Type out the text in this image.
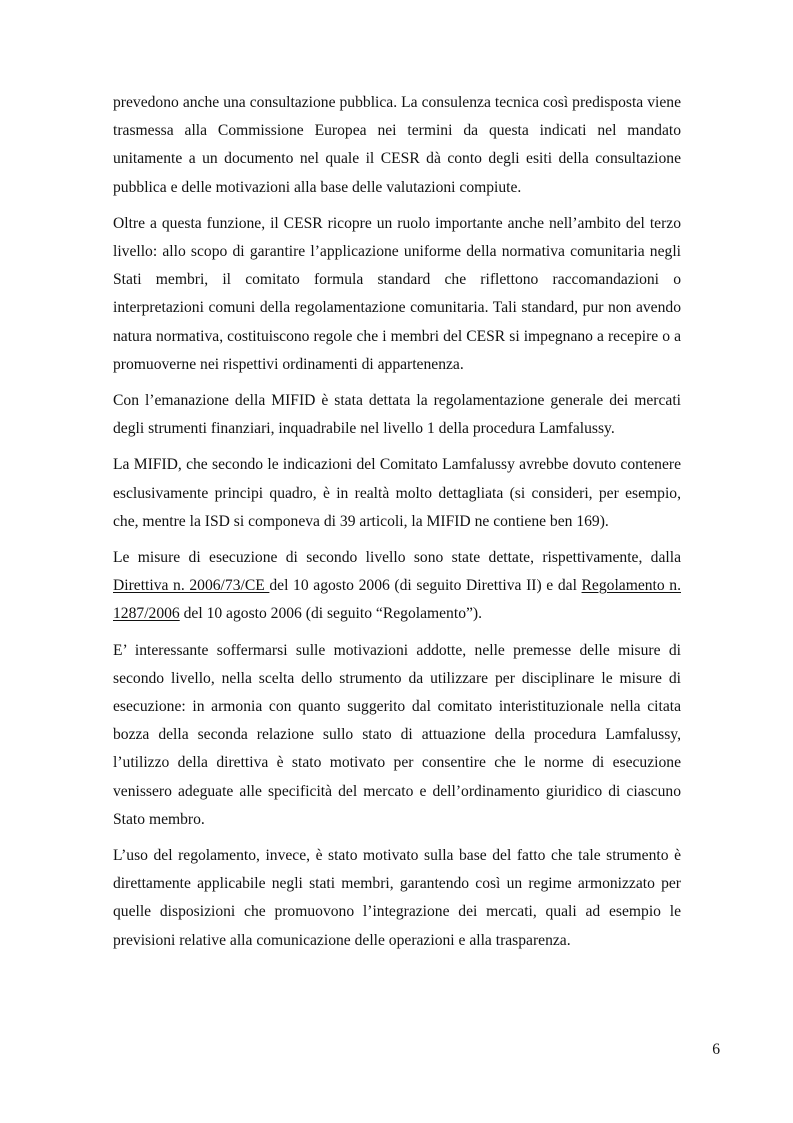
prevedono anche una consultazione pubblica. La consulenza tecnica così predisposta viene trasmessa alla Commissione Europea nei termini da questa indicati nel mandato unitamente a un documento nel quale il CESR dà conto degli esiti della consultazione pubblica e delle motivazioni alla base delle valutazioni compiute.

Oltre a questa funzione, il CESR ricopre un ruolo importante anche nell’ambito del terzo livello: allo scopo di garantire l’applicazione uniforme della normativa comunitaria negli Stati membri, il comitato formula standard che riflettono raccomandazioni o interpretazioni comuni della regolamentazione comunitaria. Tali standard, pur non avendo natura normativa, costituiscono regole che i membri del CESR si impegnano a recepire o a promuoverne nei rispettivi ordinamenti di appartenenza.

Con l’emanazione della MIFID è stata dettata la regolamentazione generale dei mercati degli strumenti finanziari, inquadrabile nel livello 1 della procedura Lamfalussy.

La MIFID, che secondo le indicazioni del Comitato Lamfalussy avrebbe dovuto contenere esclusivamente principi quadro, è in realtà molto dettagliata (si consideri, per esempio, che, mentre la ISD si componeva di 39 articoli, la MIFID ne contiene ben 169).

Le misure di esecuzione di secondo livello sono state dettate, rispettivamente, dalla Direttiva n. 2006/73/CE del 10 agosto 2006 (di seguito Direttiva II) e dal Regolamento n. 1287/2006 del 10 agosto 2006 (di seguito “Regolamento”).

E’ interessante soffermarsi sulle motivazioni addotte, nelle premesse delle misure di secondo livello, nella scelta dello strumento da utilizzare per disciplinare le misure di esecuzione: in armonia con quanto suggerito dal comitato interistituzionale nella citata bozza della seconda relazione sullo stato di attuazione della procedura Lamfalussy, l’utilizzo della direttiva è stato motivato per consentire che le norme di esecuzione venissero adeguate alle specificità del mercato e dell’ordinamento giuridico di ciascuno Stato membro.

L’uso del regolamento, invece, è stato motivato sulla base del fatto che tale strumento è direttamente applicabile negli stati membri, garantendo così un regime armonizzato per quelle disposizioni che promuovono l’integrazione dei mercati, quali ad esempio le previsioni relative alla comunicazione delle operazioni e alla trasparenza.

6
